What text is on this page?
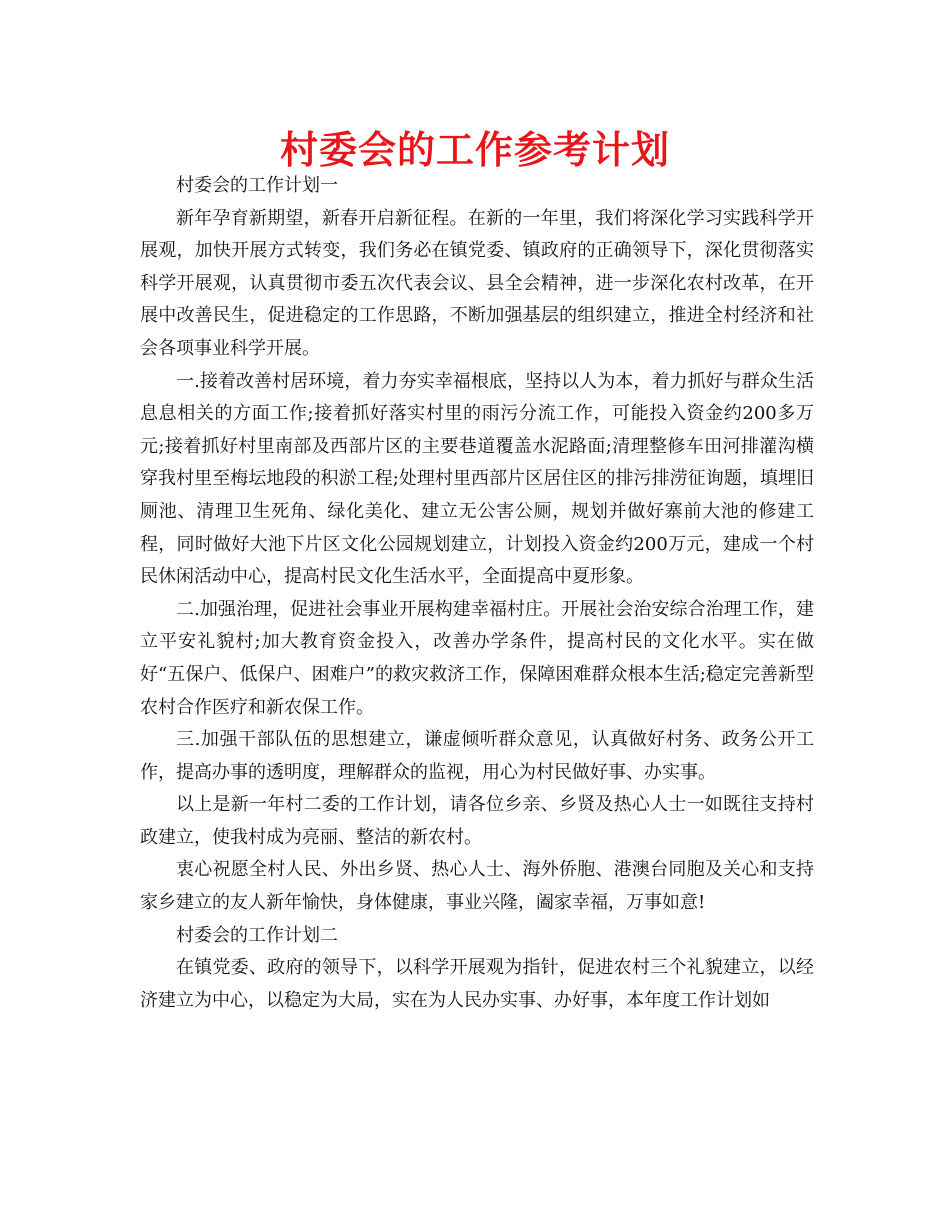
村委会的工作参考计划

村委会的工作计划一

新年孕育新期望，新春开启新征程。在新的一年里，我们将深化学习实践科学开展观，加快开展方式转变，我们务必在镇党委、镇政府的正确领导下，深化贯彻落实科学开展观，认真贯彻市委五次代表会议、县全会精神，进一步深化农村改革，在开展中改善民生，促进稳定的工作思路，不断加强基层的组织建立，推进全村经济和社会各项事业科学开展。

一.接着改善村居环境，着力夯实幸福根底，坚持以人为本，着力抓好与群众生活息息相关的方面工作;接着抓好落实村里的雨污分流工作，可能投入资金约200多万元;接着抓好村里南部及西部片区的主要巷道覆盖水泥路面;清理整修车田河排灌沟横穿我村里至梅坛地段的积淤工程;处理村里西部片区居住区的排污排涝征询题，填埋旧厕池、清理卫生死角、绿化美化、建立无公害公厕，规划并做好寨前大池的修建工程，同时做好大池下片区文化公园规划建立，计划投入资金约200万元，建成一个村民休闲活动中心，提高村民文化生活水平，全面提高中夏形象。

二.加强治理，促进社会事业开展构建幸福村庄。开展社会治安综合治理工作，建立平安礼貌村;加大教育资金投入，改善办学条件，提高村民的文化水平。实在做好“五保户、低保户、困难户”的救灾救济工作，保障困难群众根本生活;稳定完善新型农村合作医疗和新农保工作。

三.加强干部队伍的思想建立，谦虚倾听群众意见，认真做好村务、政务公开工作，提高办事的透明度，理解群众的监视，用心为村民做好事、办实事。

以上是新一年村二委的工作计划，请各位乡亲、乡贤及热心人士一如既往支持村政建立，使我村成为亮丽、整洁的新农村。

衷心祝愿全村人民、外出乡贤、热心人士、海外侨胞、港澳台同胞及关心和支持家乡建立的友人新年愉快，身体健康，事业兴隆，阖家幸福，万事如意!

村委会的工作计划二

在镇党委、政府的领导下，以科学开展观为指针，促进农村三个礼貌建立，以经济建立为中心，以稳定为大局，实在为人民办实事、办好事，本年度工作计划如
